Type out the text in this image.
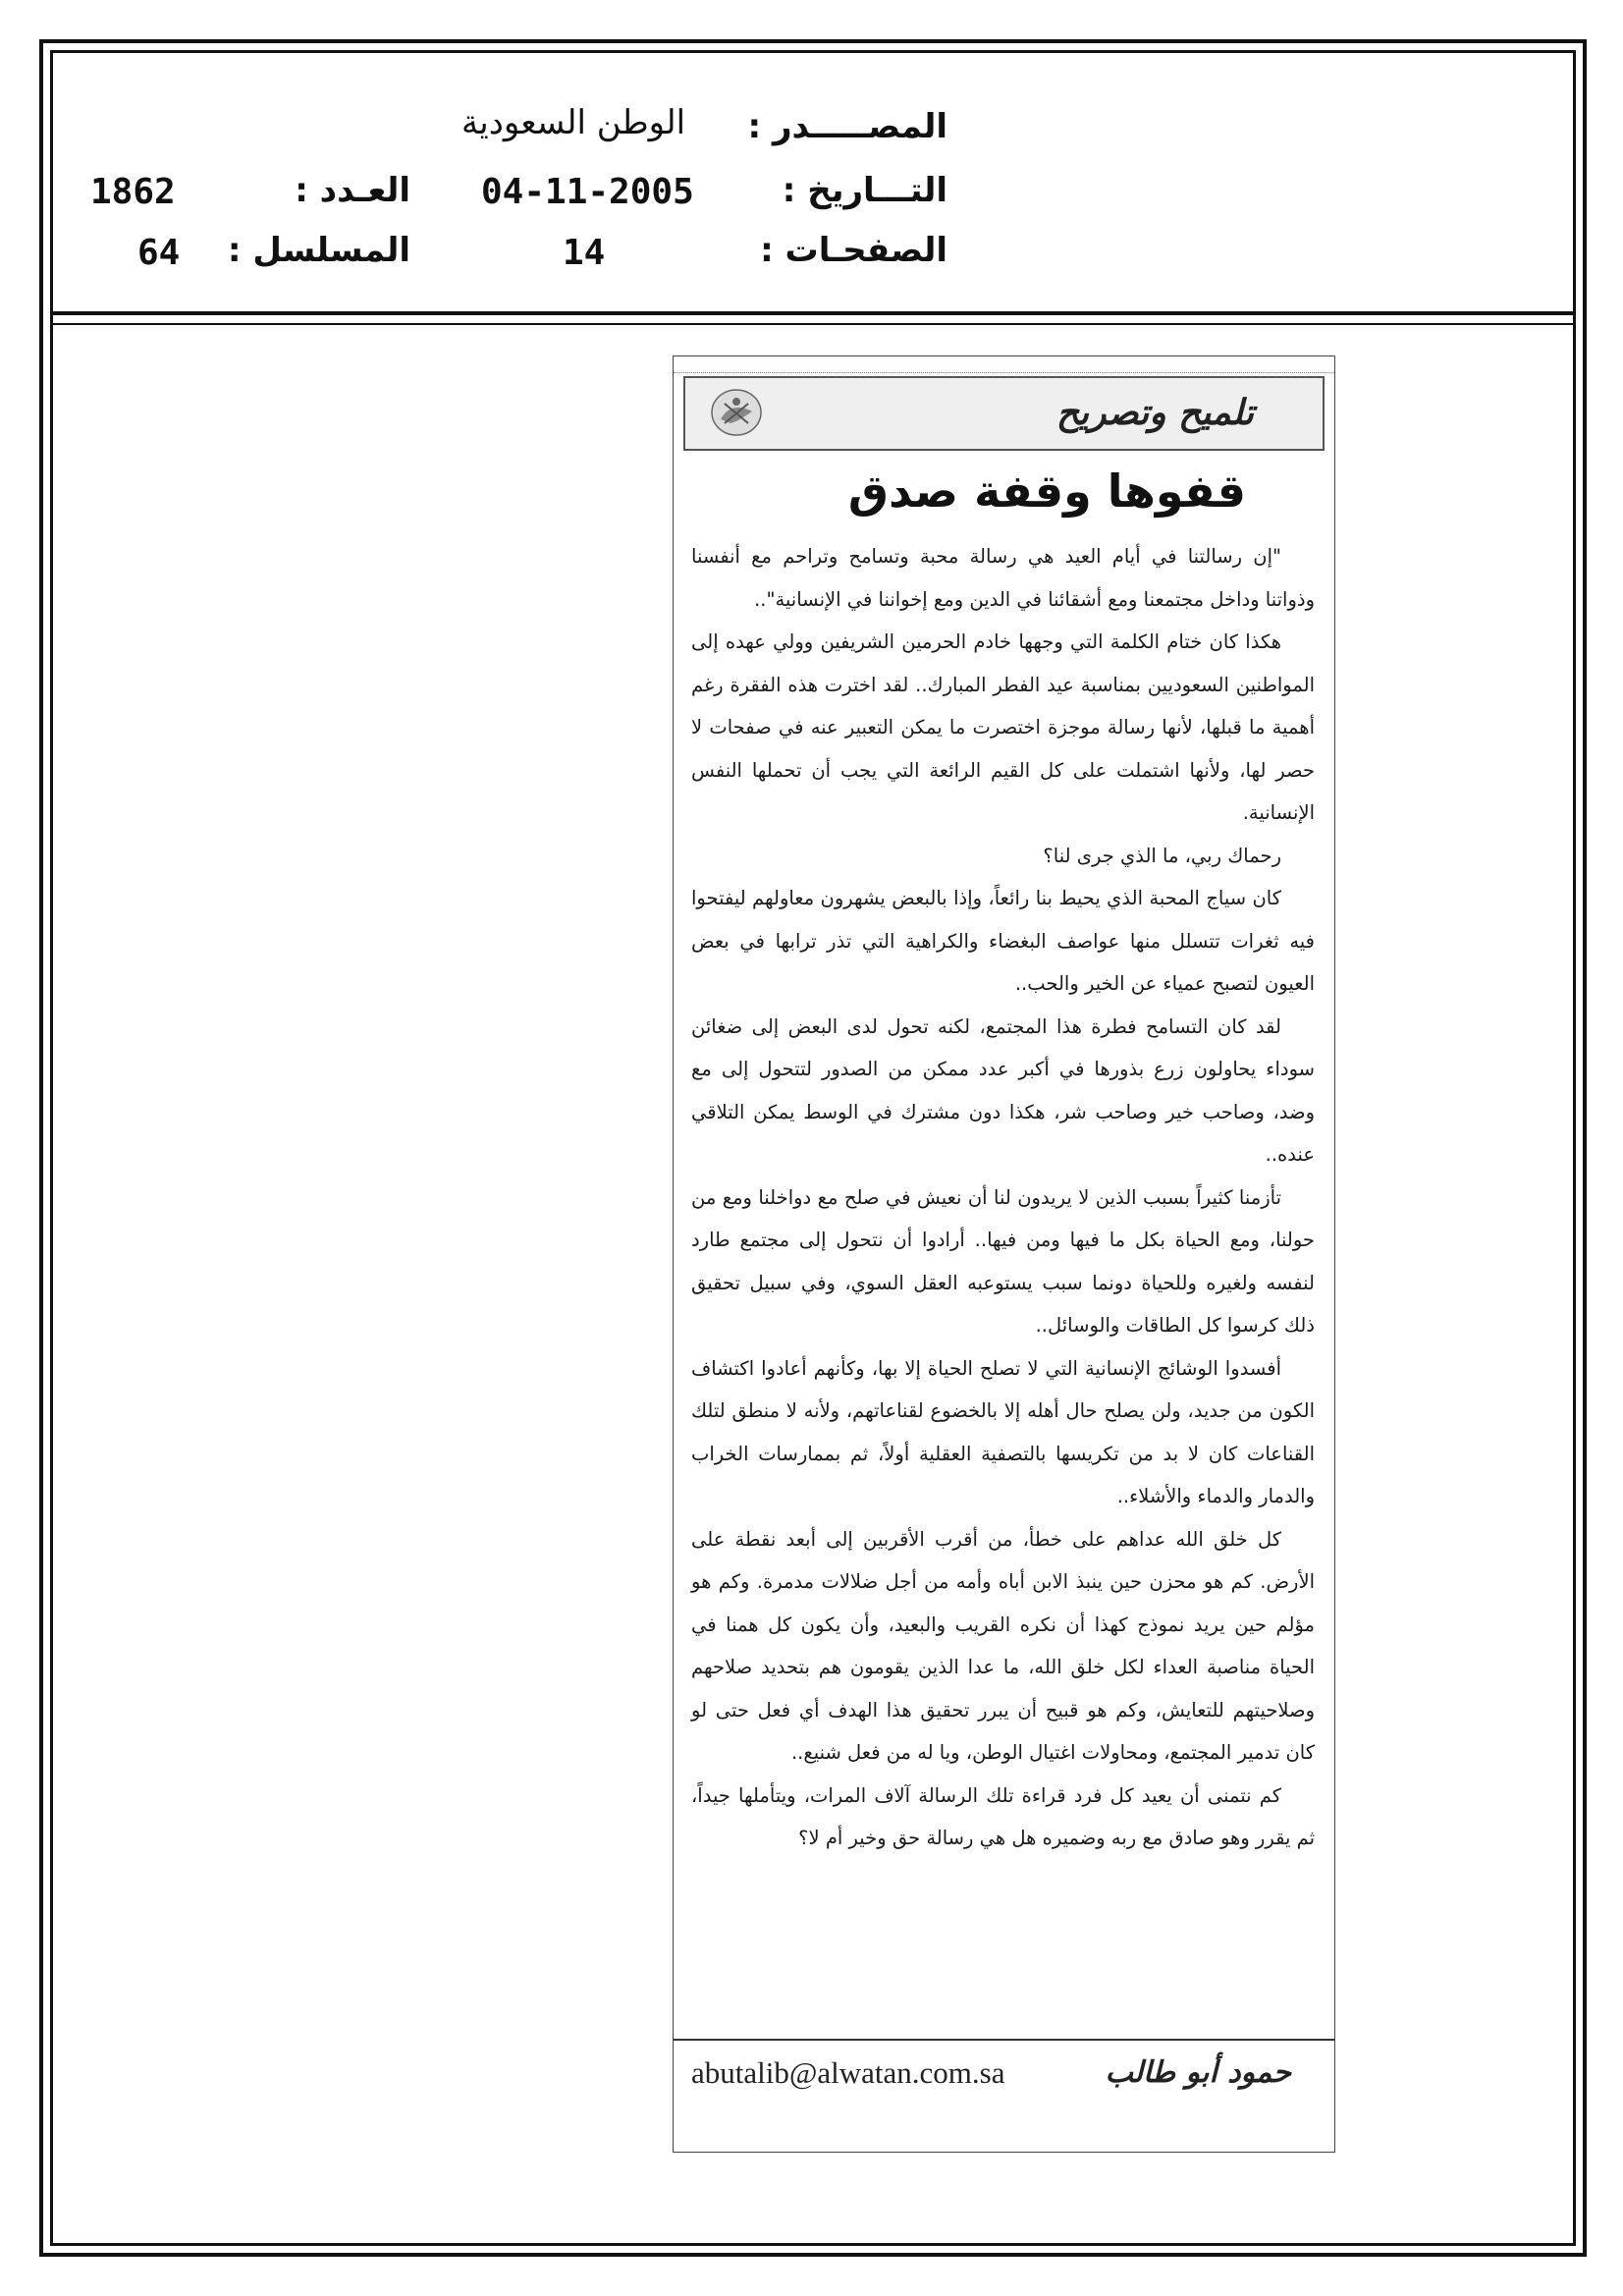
المصـــــدر :
الوطن السعودية
التـــاريخ :
04-11-2005
العـدد :
1862
الصفحـات :
14
المسلسل :
64
تلميح وتصريح
قفوها وقفة صدق

"إن رسالتنا في أيام العيد هي رسالة محبة وتسامح وتراحم مع أنفسنا وذواتنا وداخل مجتمعنا ومع أشقائنا في الدين ومع إخواننا في الإنسانية"..

هكذا كان ختام الكلمة التي وجهها خادم الحرمين الشريفين وولي عهده إلى المواطنين السعوديين بمناسبة عيد الفطر المبارك.. لقد اخترت هذه الفقرة رغم أهمية ما قبلها، لأنها رسالة موجزة اختصرت ما يمكن التعبير عنه في صفحات لا حصر لها، ولأنها اشتملت على كل القيم الرائعة التي يجب أن تحملها النفس الإنسانية.

رحماك ربي، ما الذي جرى لنا؟

كان سياج المحبة الذي يحيط بنا رائعاً، وإذا بالبعض يشهرون معاولهم ليفتحوا فيه ثغرات تتسلل منها عواصف البغضاء والكراهية التي تذر ترابها في بعض العيون لتصبح عمياء عن الخير والحب..

لقد كان التسامح فطرة هذا المجتمع، لكنه تحول لدى البعض إلى ضغائن سوداء يحاولون زرع بذورها في أكبر عدد ممكن من الصدور لتتحول إلى مع وضد، وصاحب خير وصاحب شر، هكذا دون مشترك في الوسط يمكن التلاقي عنده..

تأزمنا كثيراً بسبب الذين لا يريدون لنا أن نعيش في صلح مع دواخلنا ومع من حولنا، ومع الحياة بكل ما فيها ومن فيها.. أرادوا أن نتحول إلى مجتمع طارد لنفسه ولغيره وللحياة دونما سبب يستوعبه العقل السوي، وفي سبيل تحقيق ذلك كرسوا كل الطاقات والوسائل..

أفسدوا الوشائج الإنسانية التي لا تصلح الحياة إلا بها، وكأنهم أعادوا اكتشاف الكون من جديد، ولن يصلح حال أهله إلا بالخضوع لقناعاتهم، ولأنه لا منطق لتلك القناعات كان لا بد من تكريسها بالتصفية العقلية أولاً، ثم بممارسات الخراب والدمار والدماء والأشلاء..

كل خلق الله عداهم على خطأ، من أقرب الأقربين إلى أبعد نقطة على الأرض. كم هو محزن حين ينبذ الابن أباه وأمه من أجل ضلالات مدمرة. وكم هو مؤلم حين يريد نموذج كهذا أن نكره القريب والبعيد، وأن يكون كل همنا في الحياة مناصبة العداء لكل خلق الله، ما عدا الذين يقومون هم بتحديد صلاحهم وصلاحيتهم للتعايش، وكم هو قبيح أن يبرر تحقيق هذا الهدف أي فعل حتى لو كان تدمير المجتمع، ومحاولات اغتيال الوطن، ويا له من فعل شنيع..

كم نتمنى أن يعيد كل فرد قراءة تلك الرسالة آلاف المرات، ويتأملها جيداً، ثم يقرر وهو صادق مع ربه وضميره هل هي رسالة حق وخير أم لا؟

abutalib@alwatan.com.sa	حمود أبو طالب
